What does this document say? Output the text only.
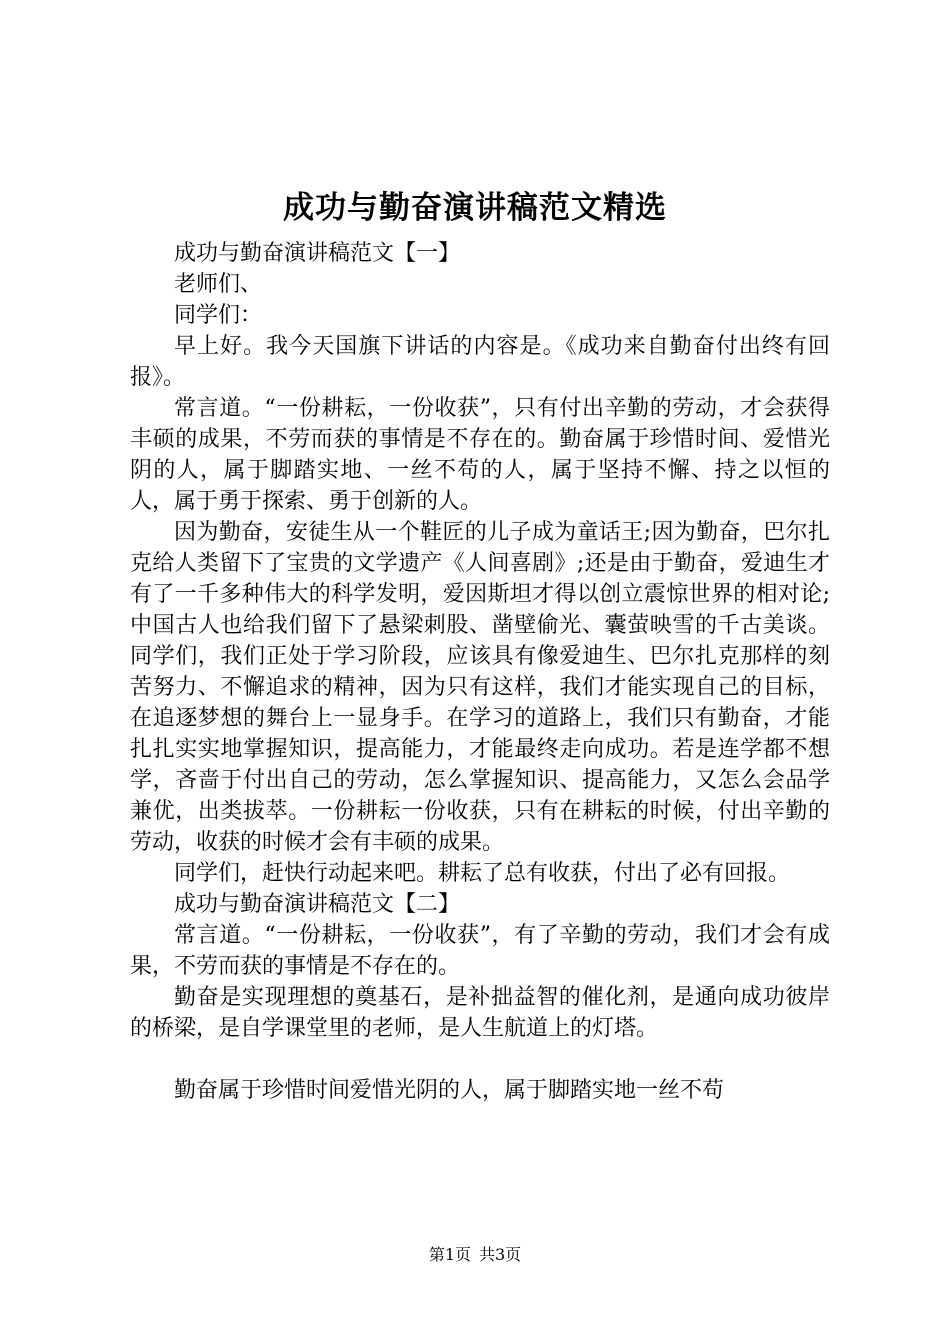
成功与勤奋演讲稿范文精选

成功与勤奋演讲稿范文【一】

老师们、

同学们：

早上好。我今天国旗下讲话的内容是。《成功来自勤奋付出终有回报》。

常言道。“一份耕耘，一份收获”，只有付出辛勤的劳动，才会获得丰硕的成果，不劳而获的事情是不存在的。勤奋属于珍惜时间、爱惜光阴的人，属于脚踏实地、一丝不苟的人，属于坚持不懈、持之以恒的人，属于勇于探索、勇于创新的人。

因为勤奋，安徒生从一个鞋匠的儿子成为童话王;因为勤奋，巴尔扎克给人类留下了宝贵的文学遗产《人间喜剧》;还是由于勤奋，爱迪生才有了一千多种伟大的科学发明，爱因斯坦才得以创立震惊世界的相对论;中国古人也给我们留下了悬梁刺股、凿壁偷光、囊萤映雪的千古美谈。同学们，我们正处于学习阶段，应该具有像爱迪生、巴尔扎克那样的刻苦努力、不懈追求的精神，因为只有这样，我们才能实现自己的目标，在追逐梦想的舞台上一显身手。在学习的道路上，我们只有勤奋，才能扎扎实实地掌握知识，提高能力，才能最终走向成功。若是连学都不想学，吝啬于付出自己的劳动，怎么掌握知识、提高能力，又怎么会品学兼优，出类拔萃。一份耕耘一份收获，只有在耕耘的时候，付出辛勤的劳动，收获的时候才会有丰硕的成果。

同学们，赶快行动起来吧。耕耘了总有收获，付出了必有回报。

成功与勤奋演讲稿范文【二】

常言道。“一份耕耘，一份收获”，有了辛勤的劳动，我们才会有成果，不劳而获的事情是不存在的。

勤奋是实现理想的奠基石，是补拙益智的催化剂，是通向成功彼岸的桥梁，是自学课堂里的老师，是人生航道上的灯塔。

勤奋属于珍惜时间爱惜光阴的人，属于脚踏实地一丝不苟

第1页 共3页
